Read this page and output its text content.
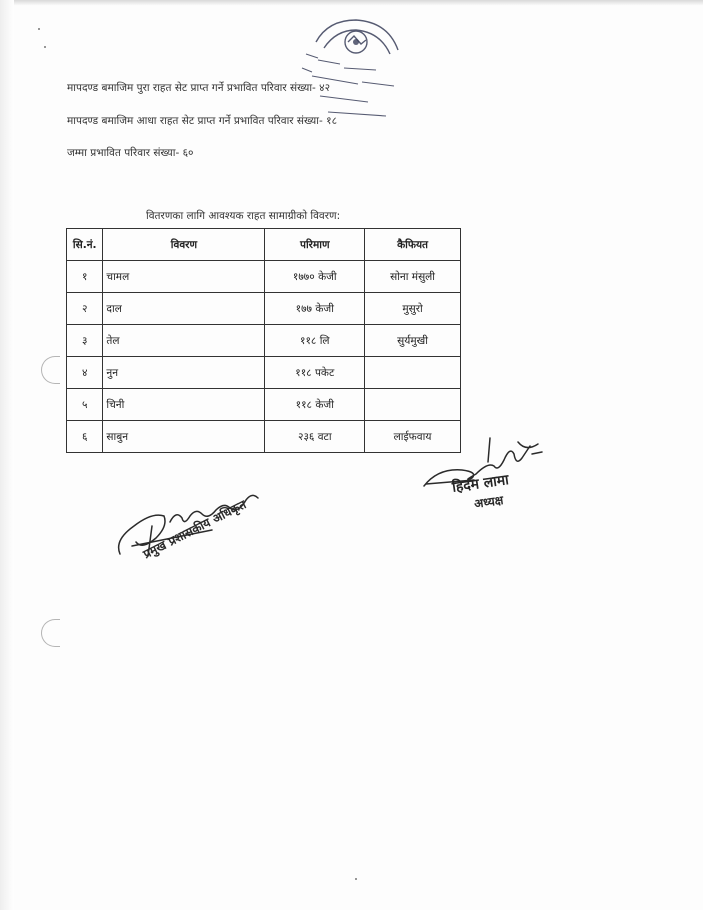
मापदण्ड बमाजिम पुरा राहत सेट प्राप्त गर्ने प्रभावित परिवार संख्या- ४२
मापदण्ड बमाजिम आधा राहत सेट प्राप्त गर्ने प्रभावित परिवार संख्या- १८
जम्मा प्रभावित परिवार संख्या- ६०
वितरणका लागि आवश्यक राहत सामाग्रीको विवरण:
सि.नं.	विवरण	परिमाण	कैफियत
१	चामल	१७७० केजी	सोना मंसुली
२	दाल	१७७ केजी	मुसुरो
३	तेल	११८ लि	सुर्यमुखी
४	नुन	११८ पकेट	
५	चिनी	११८ केजी	
६	साबुन	२३६ वटा	लाईफवाय
हिदम लामा
अध्यक्ष
प्रमुख प्रशासकीय अधिकृत
